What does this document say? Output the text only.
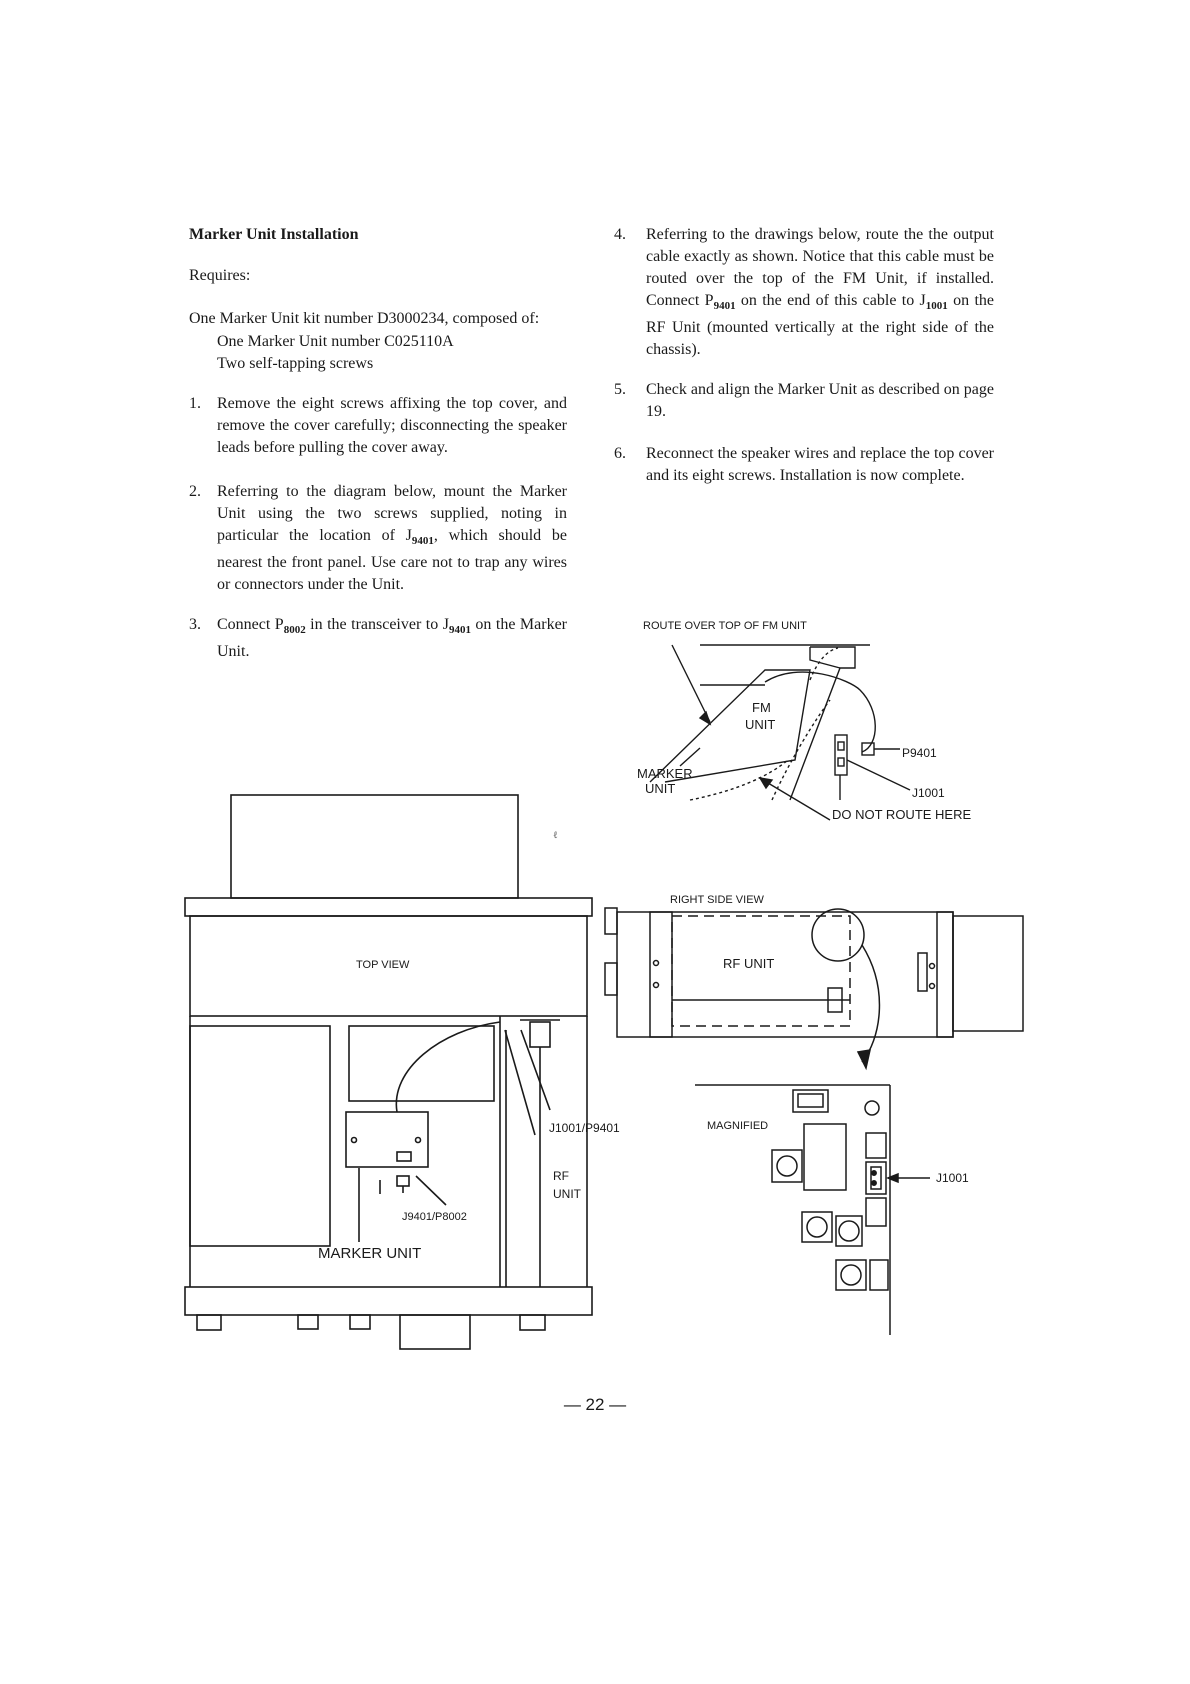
Marker Unit Installation

Requires:

One Marker Unit kit number D3000234, composed of:

One Marker Unit number C025110A

Two self-tapping screws

1. Remove the eight screws affixing the top cover, and remove the cover carefully; disconnecting the speaker leads before pulling the cover away.
2. Referring to the diagram below, mount the Marker Unit using the two screws supplied, noting in particular the location of $J_{9401}$, which should be nearest the front panel. Use care not to trap any wires or connectors under the Unit.
3. Connect $P_{8002}$ in the transceiver to $J_{9401}$ on the Marker Unit.
4. Referring to the drawings below, route the the output cable exactly as shown. Notice that this cable must be routed over the top of the FM Unit, if installed. Connect $P_{9401}$ on the end of this cable to $J_{1001}$ on the RF Unit (mounted vertically at the right side of the chassis).
5. Check and align the Marker Unit as described on page 19.
6. Reconnect the speaker wires and replace the top cover and its eight screws. Installation is now complete.
ROUTE OVER TOP OF FM UNIT
FM
UNIT
MARKER
UNIT
P9401
J1001
DO NOT ROUTE HERE
TOP VIEW
J1001/P9401
RF
UNIT
J9401/P8002
MARKER UNIT
RIGHT SIDE VIEW
RF UNIT
MAGNIFIED
J1001
ℓ
— 22 —
